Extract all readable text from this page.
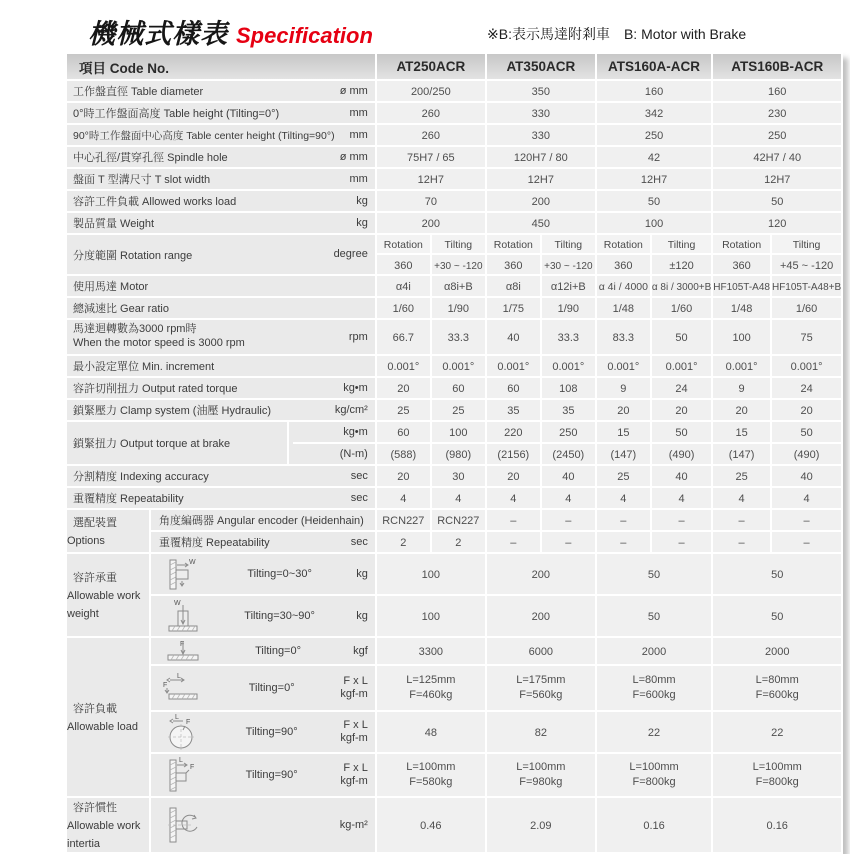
機械式樣表 Specification	※B:表示馬達附剎車 B: Motor with Brake
項目 Code No.		AT250ACR		AT350ACR		ATS160A-ACR		ATS160B-ACR	

工作盤直徑 Table diameter ø mm		200/250		350		160		160	

0°時工作盤面高度 Table height (Tilting=0°) mm		260		330		342		230	

90°時工作盤面中心高度 Table center height (Tilting=90°) mm		260		330		250		250	

中心孔徑/貫穿孔徑 Spindle hole ø mm		75H7 / 65		120H7 / 80		42		42H7 / 40	

盤面 T 型溝尺寸 T slot width mm		12H7		12H7		12H7		12H7	

容許工件負載 Allowed works load kg		70		200		50		50	

製品質量 Weight kg		200		450		100		120	

分度範圍 Rotation range degree		Rotation	Tilting	Rotation	Tilting	Rotation	Tilting	Rotation	Tilting
		360	+30 ~ -120	360	+30 ~ -120	360	±120	360	+45 ~ -120

使用馬達 Motor		α4i	α8i+B	α8i	α12i+B	α 4i / 4000	α 8i / 3000+B	HF105T-A48	HF105T-A48+B

總減速比 Gear ratio		1/60	1/90	1/75	1/90	1/48	1/60	1/48	1/60

馬達迴轉數為3000 rpm時
When the motor speed is 3000 rpm
rpm		66.7	33.3	40	33.3	83.3	50	100	75

最小設定單位 Min. increment		0.001°	0.001°	0.001°	0.001°	0.001°	0.001°	0.001°	0.001°

容許切削扭力 Output rated torque kg•m		20	60	60	108	9	24	9	24

鎖緊壓力 Clamp system (油壓 Hydraulic) kg/cm²		25	25	35	35	20	20	20	20

鎖緊扭力 Output torque at brake
kg•m
(N-m)		60	100	220	250	15	50	15	50
		(588)	(980)	(2156)	(2450)	(147)	(490)	(147)	(490)

分割精度 Indexing accuracy sec		20	30	20	40	25	40	25	40

重覆精度 Repeatability sec		4	4	4	4	4	4	4	4
選配裝置
Options	角度編碼器 Angular encoder (Heidenhain)	RCN227	RCN227	–	–	–	–	–	–

	重覆精度 Repeatability sec	2	2	–	–	–	–	–	–
容許承重
Allowable work weight	W
Tilting=0~30° kg	100		200		50		50	

W
Tilting=30~90° kg	100		200		50		50	
容許負載
Allowable load	F
Tilting=0° kgf	3300		6000		2000		2000	

L
F Tilting=0°
F x L
kgf-m	L=125mm
F=460kg		L=175mm
F=560kg		L=80mm
F=600kg		L=80mm
F=600kg	

L
F
Tilting=90°
F x L
kgf-m	48		82		22		22	

L
F
Tilting=90°
F x L
kgf-m	L=100mm
F=580kg		L=100mm
F=980kg		L=100mm
F=800kg		L=100mm
F=800kg	
容許慣性
Allowable work intertia	kg-m²	0.46		2.09		0.16		0.16	
